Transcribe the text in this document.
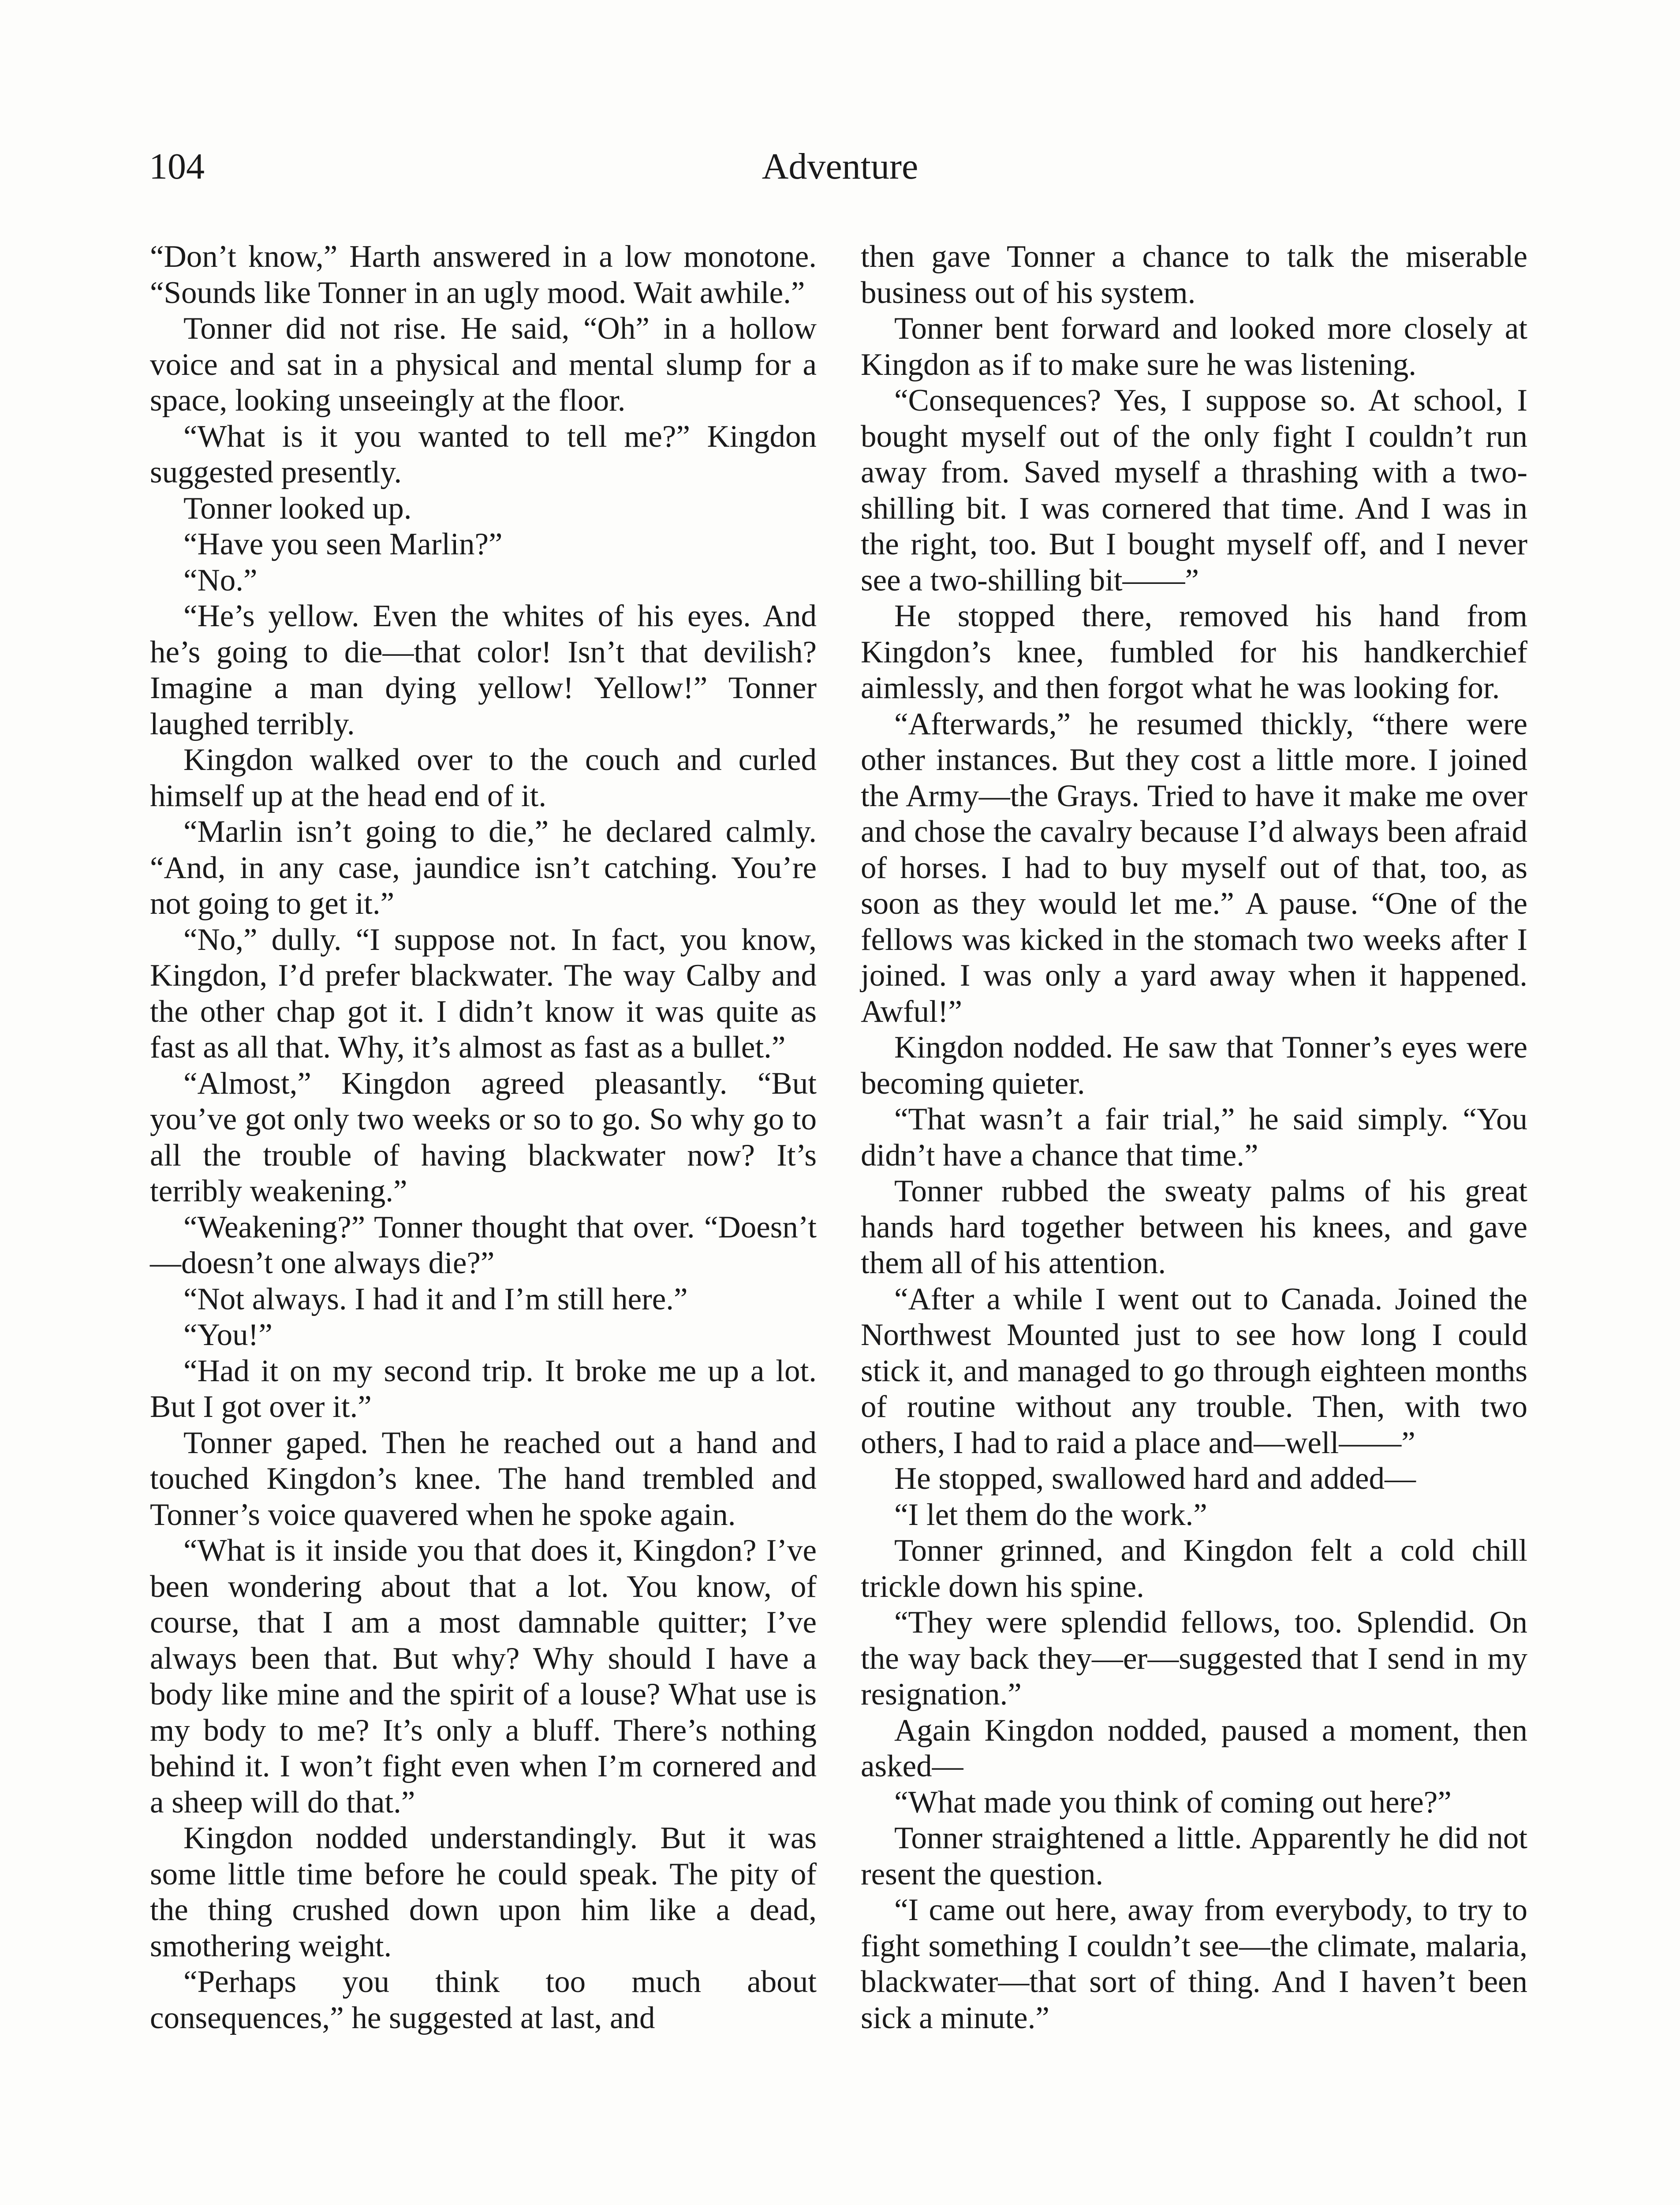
104	Adventure

“Don’t know,” Harth answered in a low monotone. “Sounds like Tonner in an ugly mood. Wait awhile.”

Tonner did not rise. He said, “Oh” in a hollow voice and sat in a physical and mental slump for a space, looking unseeingly at the floor.

“What is it you wanted to tell me?” Kingdon suggested presently.

Tonner looked up.

“Have you seen Marlin?”

“No.”

“He’s yellow. Even the whites of his eyes. And he’s going to die—that color! Isn’t that devilish? Imagine a man dying yellow! Yellow!” Tonner laughed terribly.

Kingdon walked over to the couch and curled himself up at the head end of it.

“Marlin isn’t going to die,” he declared calmly. “And, in any case, jaundice isn’t catching. You’re not going to get it.”

“No,” dully. “I suppose not. In fact, you know, Kingdon, I’d prefer blackwater. The way Calby and the other chap got it. I didn’t know it was quite as fast as all that. Why, it’s almost as fast as a bullet.”

“Almost,” Kingdon agreed pleasantly. “But you’ve got only two weeks or so to go. So why go to all the trouble of having blackwater now? It’s terribly weakening.”

“Weakening?” Tonner thought that over. “Doesn’t—doesn’t one always die?”

“Not always. I had it and I’m still here.”

“You!”

“Had it on my second trip. It broke me up a lot. But I got over it.”

Tonner gaped. Then he reached out a hand and touched Kingdon’s knee. The hand trembled and Tonner’s voice quavered when he spoke again.

“What is it inside you that does it, Kingdon? I’ve been wondering about that a lot. You know, of course, that I am a most damnable quitter; I’ve always been that. But why? Why should I have a body like mine and the spirit of a louse? What use is my body to me? It’s only a bluff. There’s nothing behind it. I won’t fight even when I’m cornered and a sheep will do that.”

Kingdon nodded understandingly. But it was some little time before he could speak. The pity of the thing crushed down upon him like a dead, smothering weight.

“Perhaps you think too much about consequences,” he suggested at last, and

then gave Tonner a chance to talk the miserable business out of his system.

Tonner bent forward and looked more closely at Kingdon as if to make sure he was listening.

“Consequences? Yes, I suppose so. At school, I bought myself out of the only fight I couldn’t run away from. Saved myself a thrashing with a two-shilling bit. I was cornered that time. And I was in the right, too. But I bought myself off, and I never see a two-shilling bit——”

He stopped there, removed his hand from Kingdon’s knee, fumbled for his handkerchief aimlessly, and then forgot what he was looking for.

“Afterwards,” he resumed thickly, “there were other instances. But they cost a little more. I joined the Army—the Grays. Tried to have it make me over and chose the cavalry because I’d always been afraid of horses. I had to buy myself out of that, too, as soon as they would let me.” A pause. “One of the fellows was kicked in the stomach two weeks after I joined. I was only a yard away when it happened. Awful!”

Kingdon nodded. He saw that Tonner’s eyes were becoming quieter.

“That wasn’t a fair trial,” he said simply. “You didn’t have a chance that time.”

Tonner rubbed the sweaty palms of his great hands hard together between his knees, and gave them all of his attention.

“After a while I went out to Canada. Joined the Northwest Mounted just to see how long I could stick it, and managed to go through eighteen months of routine without any trouble. Then, with two others, I had to raid a place and—well——”

He stopped, swallowed hard and added—

“I let them do the work.”

Tonner grinned, and Kingdon felt a cold chill trickle down his spine.

“They were splendid fellows, too. Splendid. On the way back they—er—suggested that I send in my resignation.”

Again Kingdon nodded, paused a moment, then asked—

“What made you think of coming out here?”

Tonner straightened a little. Apparently he did not resent the question.

“I came out here, away from everybody, to try to fight something I couldn’t see—the climate, malaria, blackwater—that sort of thing. And I haven’t been sick a minute.”
